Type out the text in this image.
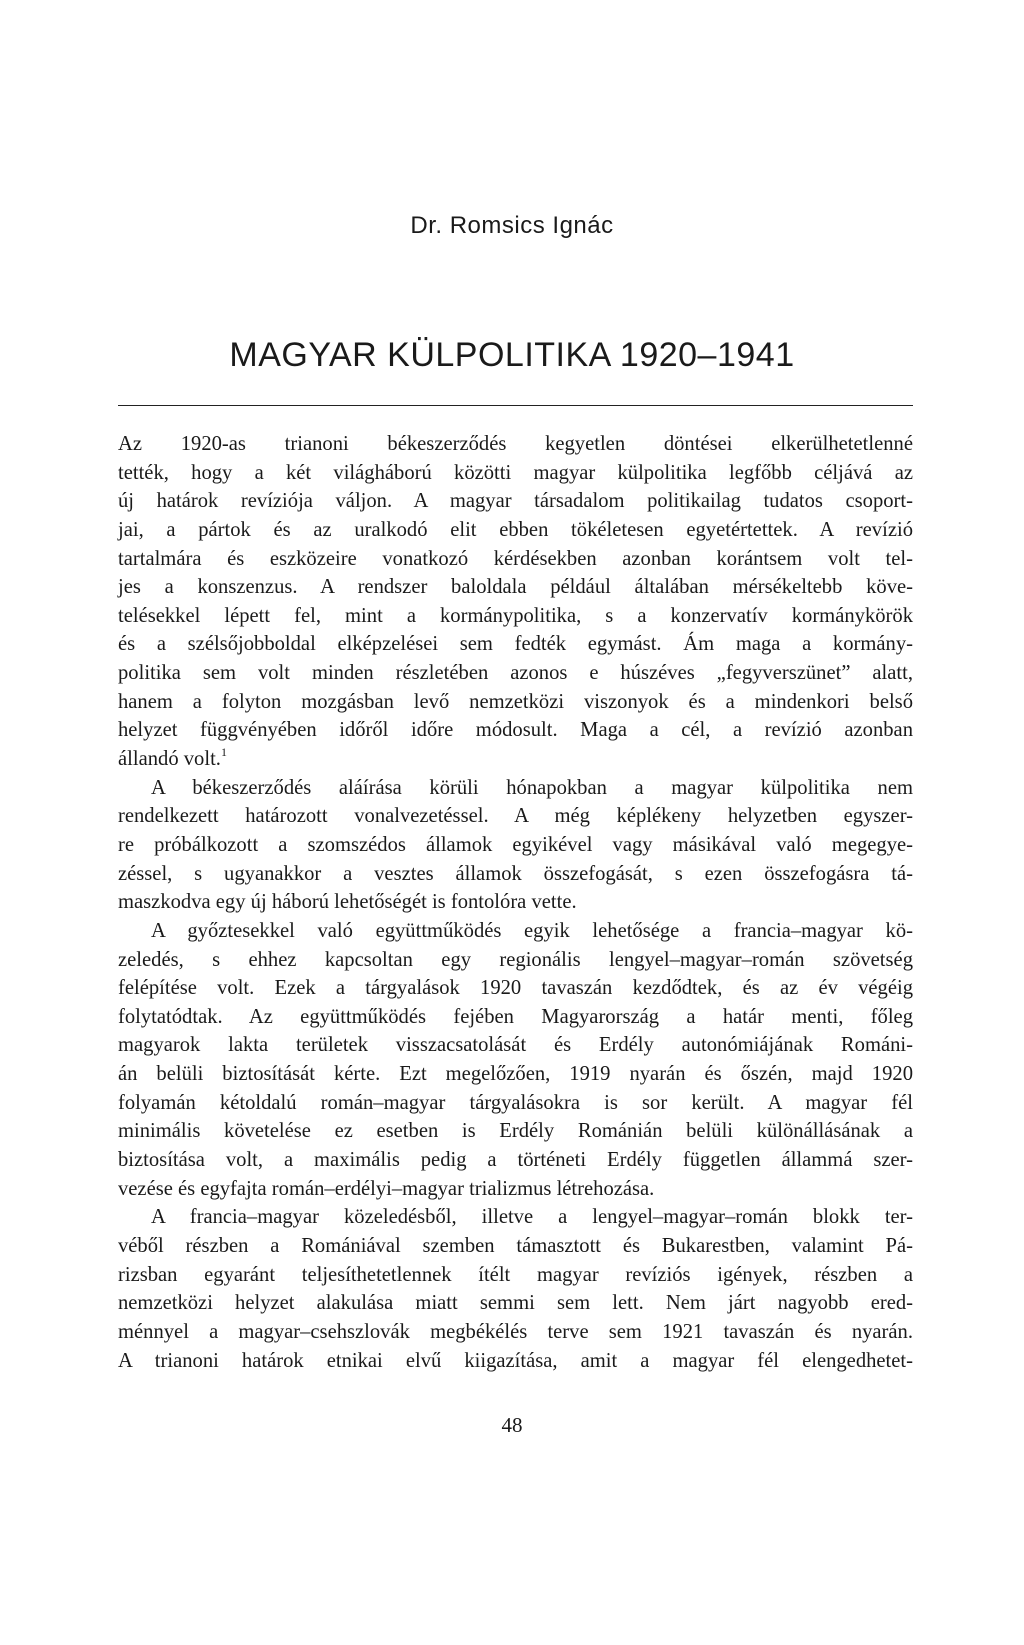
Dr. Romsics Ignác
MAGYAR KÜLPOLITIKA 1920–1941
Az 1920-as trianoni békeszerződés kegyetlen döntései elkerülhetetlenné
tették, hogy a két világháború közötti magyar külpolitika legfőbb céljává az
új határok revíziója váljon. A magyar társadalom politikailag tudatos csoport-
jai, a pártok és az uralkodó elit ebben tökéletesen egyetértettek. A revízió
tartalmára és eszközeire vonatkozó kérdésekben azonban korántsem volt tel-
jes a konszenzus. A rendszer baloldala például általában mérsékeltebb köve-
telésekkel lépett fel, mint a kormánypolitika, s a konzervatív kormánykörök
és a szélsőjobboldal elképzelései sem fedték egymást. Ám maga a kormány-
politika sem volt minden részletében azonos e húszéves „fegyverszünet” alatt,
hanem a folyton mozgásban levő nemzetközi viszonyok és a mindenkori belső
helyzet függvényében időről időre módosult. Maga a cél, a revízió azonban
állandó volt.$^1$
A békeszerződés aláírása körüli hónapokban a magyar külpolitika nem
rendelkezett határozott vonalvezetéssel. A még képlékeny helyzetben egyszer-
re próbálkozott a szomszédos államok egyikével vagy másikával való megegye-
zéssel, s ugyanakkor a vesztes államok összefogását, s ezen összefogásra tá-
maszkodva egy új háború lehetőségét is fontolóra vette.
A győztesekkel való együttműködés egyik lehetősége a francia–magyar kö-
zeledés, s ehhez kapcsoltan egy regionális lengyel–magyar–román szövetség
felépítése volt. Ezek a tárgyalások 1920 tavaszán kezdődtek, és az év végéig
folytatódtak. Az együttműködés fejében Magyarország a határ menti, főleg
magyarok lakta területek visszacsatolását és Erdély autonómiájának Románi-
án belüli biztosítását kérte. Ezt megelőzően, 1919 nyarán és őszén, majd 1920
folyamán kétoldalú román–magyar tárgyalásokra is sor került. A magyar fél
minimális követelése ez esetben is Erdély Románián belüli különállásának a
biztosítása volt, a maximális pedig a történeti Erdély független állammá szer-
vezése és egyfajta román–erdélyi–magyar trializmus létrehozása.
A francia–magyar közeledésből, illetve a lengyel–magyar–román blokk ter-
véből részben a Romániával szemben támasztott és Bukarestben, valamint Pá-
rizsban egyaránt teljesíthetetlennek ítélt magyar revíziós igények, részben a
nemzetközi helyzet alakulása miatt semmi sem lett. Nem járt nagyobb ered-
ménnyel a magyar–csehszlovák megbékélés terve sem 1921 tavaszán és nyarán.
A trianoni határok etnikai elvű kiigazítása, amit a magyar fél elengedhetet-
48
